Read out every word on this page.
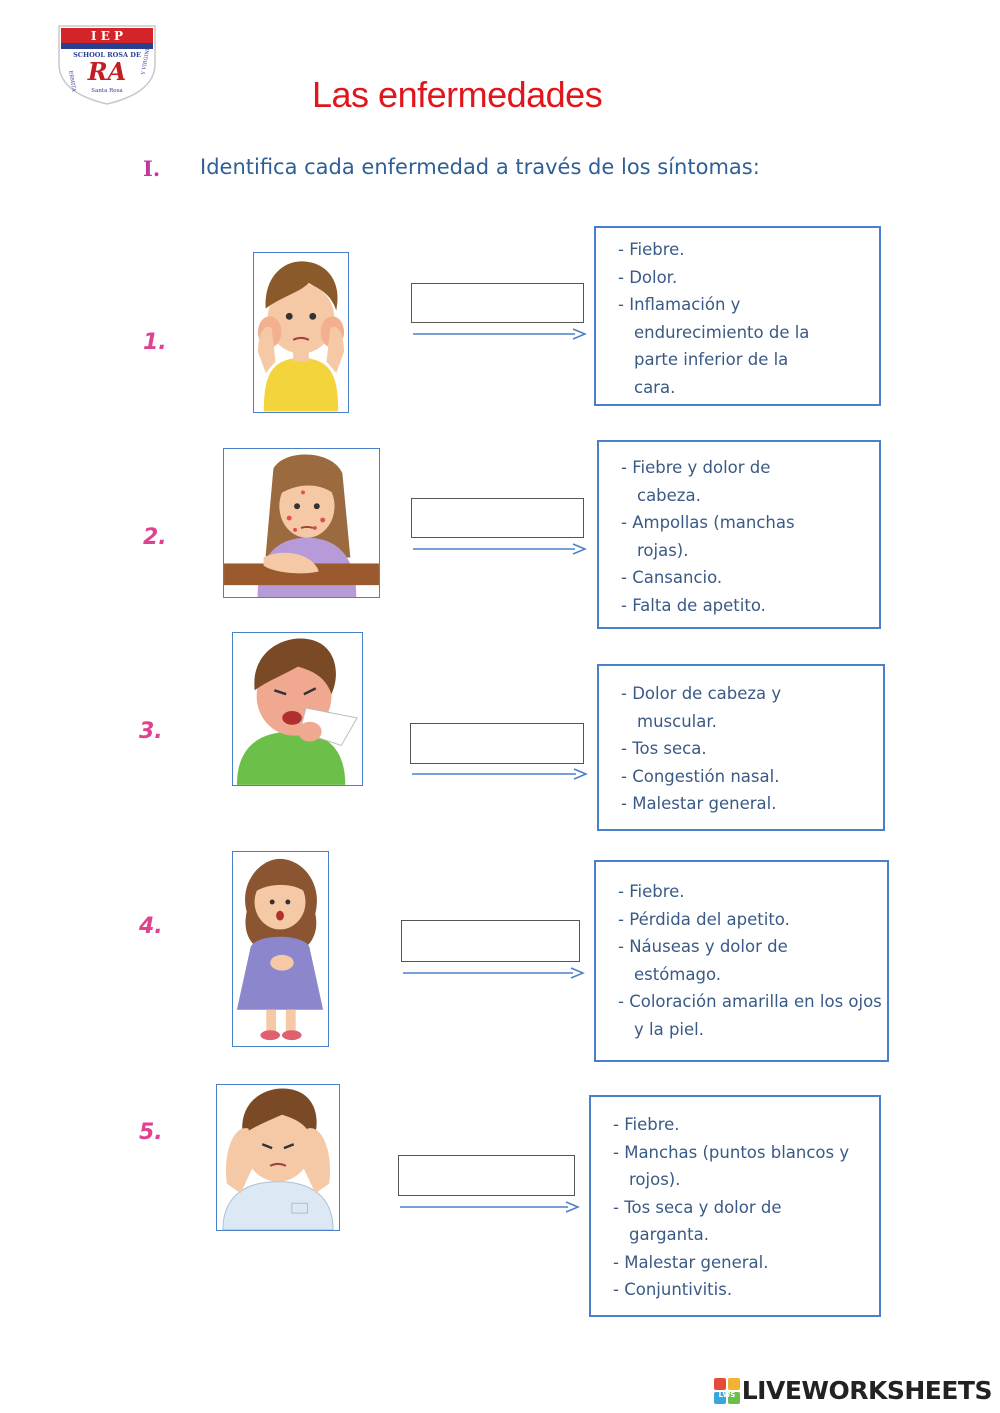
I E P
SCHOOL ROSA DE
ERMITA
Y VIRGINIA
RA
Santa Rosa	Las enfermedades
I. Identifica cada enfermedad a través de los síntomas:
1.
- Fiebre.
- Dolor.
- Inflamación y endurecimiento de la parte inferior de la cara.
2.
- Fiebre y dolor de cabeza.
- Ampollas (manchas rojas).
- Cansancio.
- Falta de apetito.
3.
- Dolor de cabeza y muscular.
- Tos seca.
- Congestión nasal.
- Malestar general.
4.
- Fiebre.
- Pérdida del apetito.
- Náuseas y dolor de estómago.
- Coloración amarilla en los ojos y la piel.
5.
-	Fiebre.
- Manchas (puntos blancos y rojos).
- Tos seca y dolor de garganta.
- Malestar general.
- Conjuntivitis.
LWS LIVEWORKSHEETS
